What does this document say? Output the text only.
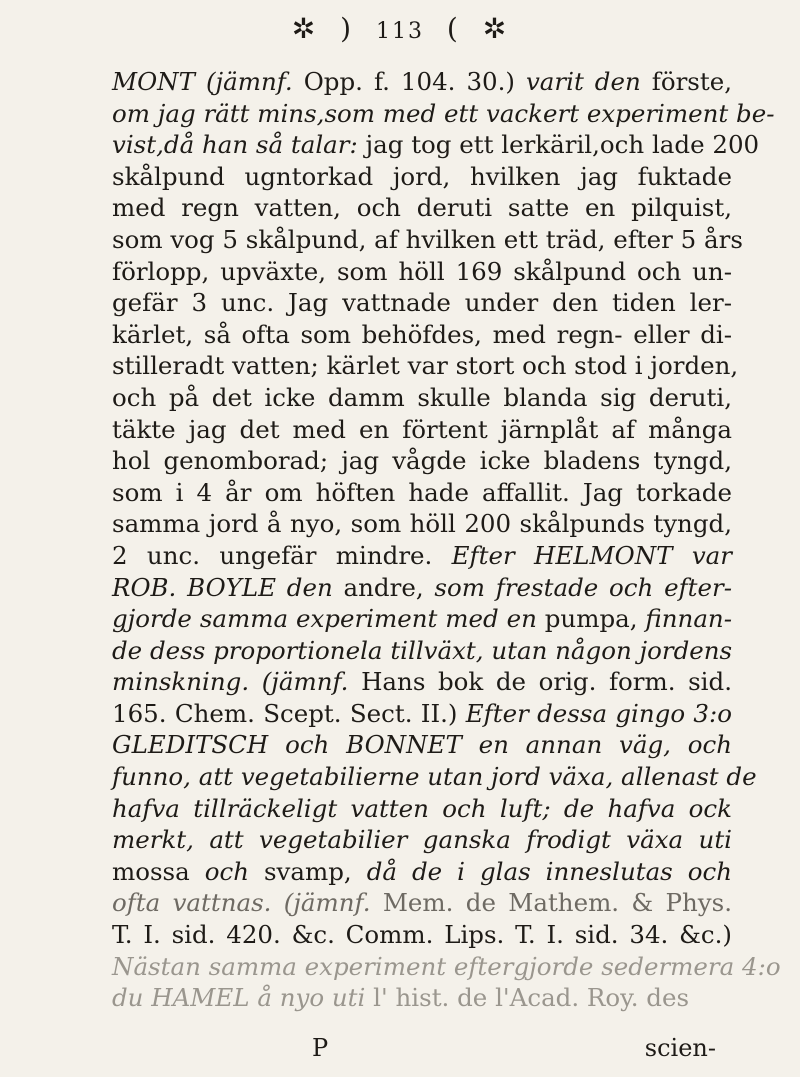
✲ ) 113 ( ✲
MONT (jämnf. Opp. f. 104. 30.) varit den förste,
om jag rätt mins,som med ett vackert experiment be-
vist,då han så talar: jag tog ett lerkäril,och lade 200
skålpund ugntorkad jord, hvilken jag fuktade
med regn vatten, och deruti satte en pilquist,
som vog 5 skålpund, af hvilken ett träd, efter 5 års
förlopp, upväxte, som höll 169 skålpund och un-
gefär 3 unc. Jag vattnade under den tiden ler-
kärlet, så ofta som behöfdes, med regn- eller di-
stilleradt vatten; kärlet var stort och stod i jorden,
och på det icke damm skulle blanda sig deruti,
täkte jag det med en förtent järnplåt af många
hol genomborad; jag vågde icke bladens tyngd,
som i 4 år om höften hade affallit. Jag torkade
samma jord å nyo, som höll 200 skålpunds tyngd,
2 unc. ungefär mindre. Efter HELMONT var
ROB. BOYLE den andre, som frestade och efter-
gjorde samma experiment med en pumpa, finnan-
de dess proportionela tillväxt, utan någon jordens
minskning. (jämnf. Hans bok de orig. form. sid.
165. Chem. Scept. Sect. II.) Efter dessa gingo 3:o
GLEDITSCH och BONNET en annan väg, och
funno, att vegetabilierne utan jord växa, allenast de
hafva tillräckeligt vatten och luft; de hafva ock
merkt, att vegetabilier ganska frodigt växa uti
mossa och svamp, då de i glas inneslutas och
ofta vattnas. (jämnf. Mem. de Mathem. & Phys.
T. I. sid. 420. &c. Comm. Lips. T. I. sid. 34. &c.)
Nästan samma experiment eftergjorde sedermera 4:o
du HAMEL å nyo uti l' hist. de l'Acad. Roy. des
P	scien-
